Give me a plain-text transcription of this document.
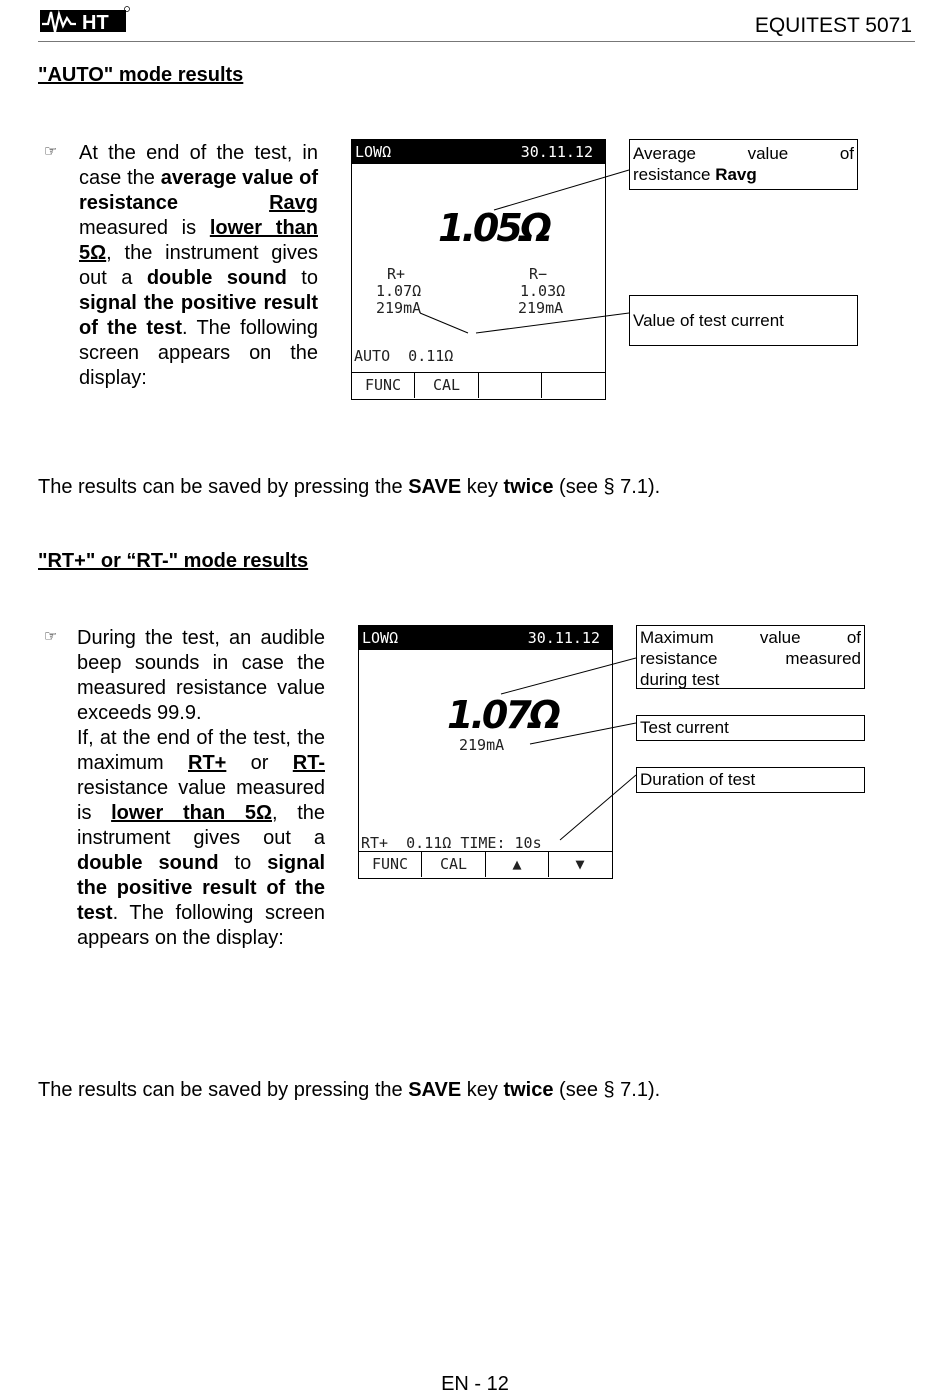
HT	EQUITEST 5071
"AUTO" mode results
☞ At the end of the test, in case the average value of resistance Ravg measured is lower than 5Ω, the instrument gives out a double sound to signal the positive result of the test. The following screen appears on the display:
LOWΩ	30.11.12
1.05Ω
R+
1.07Ω
219mA
R−
1.03Ω
219mA
AUTO  0.11Ω
FUNC	CAL
Average	value	of
resistance Ravg
Value of test current
The results can be saved by pressing the SAVE key twice (see § 7.1).
"RT+" or “RT-" mode results
☞ During the test, an audible beep sounds in case the measured resistance value exceeds 99.9.
If, at the end of the test, the maximum RT+ or RT- resistance value measured is lower than 5Ω, the instrument gives out a double sound to signal the positive result of the test. The following screen appears on the display:
LOWΩ	30.11.12
1.07Ω
219mA
RT+  0.11Ω TIME: 10s
FUNC	CAL	▲	▼
Maximum	value	of
resistance	measured
during test
Test current
Duration of test
The results can be saved by pressing the SAVE key twice (see § 7.1).
EN - 12
